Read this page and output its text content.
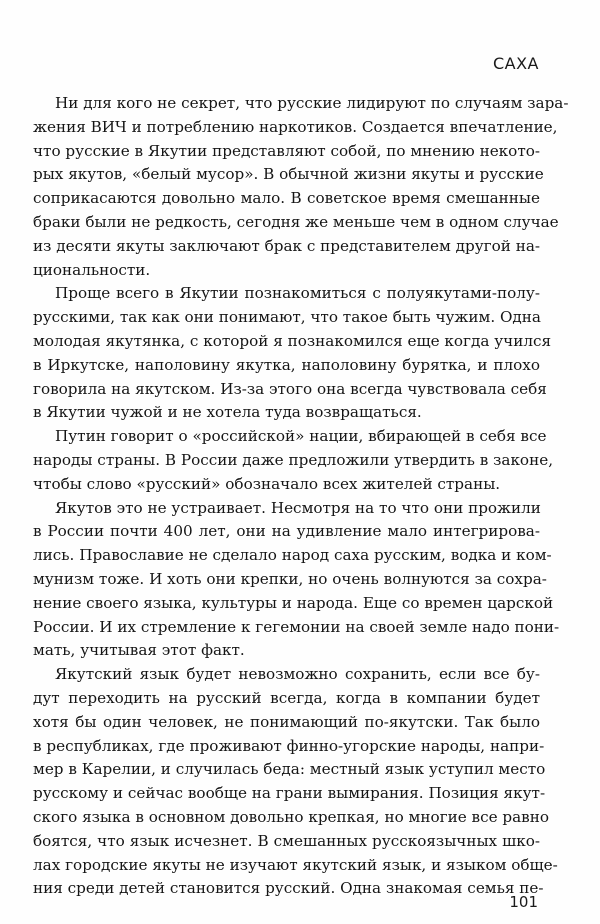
САХА
Ни для кого не секрет, что русские лидируют по случаям зара-
жения ВИЧ и потреблению наркотиков. Создается впечатление,
что русские в Якутии представляют собой, по мнению некото-
рых якутов, «белый мусор». В обычной жизни якуты и русские
соприкасаются довольно мало. В советское время смешанные
браки были не редкость, сегодня же меньше чем в одном случае
из десяти якуты заключают брак с представителем другой на-
циональности.
Проще всего в Якутии познакомиться с полуякутами-полу-
русскими, так как они понимают, что такое быть чужим. Одна
молодая якутянка, с которой я познакомился еще когда учился
в Иркутске, наполовину якутка, наполовину бурятка, и плохо
говорила на якутском. Из-за этого она всегда чувствовала себя
в Якутии чужой и не хотела туда возвращаться.
Путин говорит о «российской» нации, вбирающей в себя все
народы страны. В России даже предложили утвердить в законе,
чтобы слово «русский» обозначало всех жителей страны.
Якутов это не устраивает. Несмотря на то что они прожили
в России почти 400 лет, они на удивление мало интегрирова-
лись. Православие не сделало народ саха русским, водка и ком-
мунизм тоже. И хоть они крепки, но очень волнуются за сохра-
нение своего языка, культуры и народа. Еще со времен царской
России. И их стремление к гегемонии на своей земле надо пони-
мать, учитывая этот факт.
Якутский язык будет невозможно сохранить, если все бу-
дут переходить на русский всегда, когда в компании будет
хотя бы один человек, не понимающий по-якутски. Так было
в республиках, где проживают финно-угорские народы, напри-
мер в Карелии, и случилась беда: местный язык уступил место
русскому и сейчас вообще на грани вымирания. Позиция якут-
ского языка в основном довольно крепкая, но многие все равно
боятся, что язык исчезнет. В смешанных русскоязычных шко-
лах городские якуты не изучают якутский язык, и языком обще-
ния среди детей становится русский. Одна знакомая семья пе-
101
